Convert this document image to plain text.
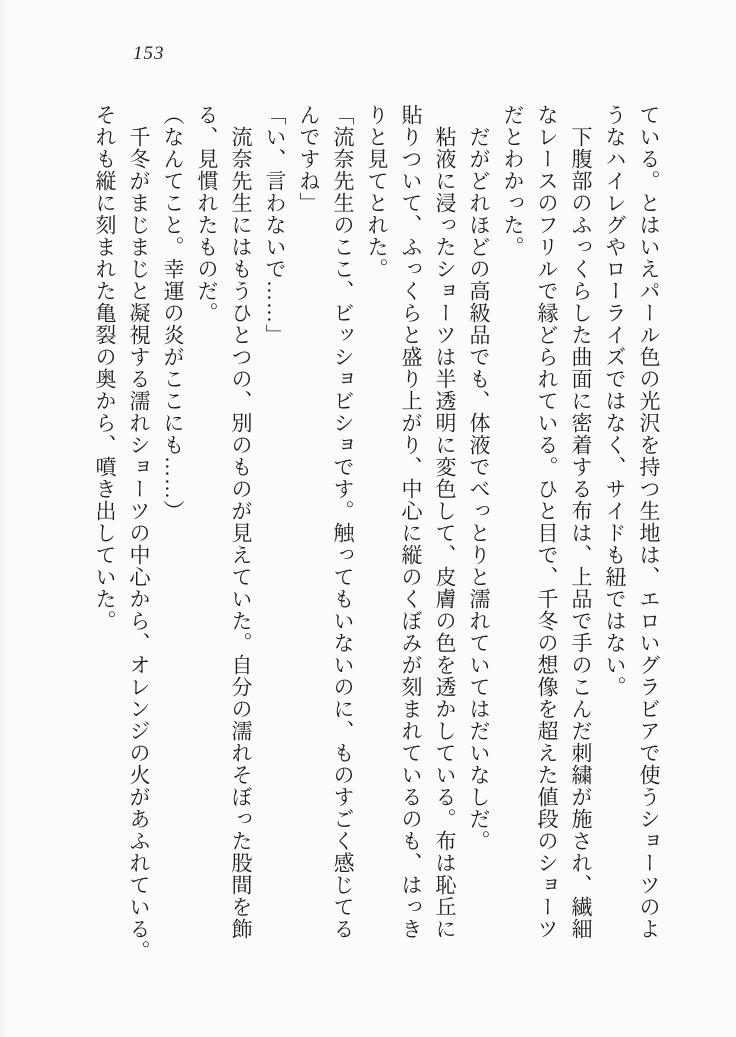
153

ている。とはいえパール色の光沢を持つ生地は、エロいグラビアで使うショーツのよ

うなハイレグやローライズではなく、サイドも紐ではない。

　下腹部のふっくらした曲面に密着する布は、上品で手のこんだ刺繍が施され、繊細

なレースのフリルで縁どられている。ひと目で、千冬の想像を超えた値段のショーツ

だとわかった。

　だがどれほどの高級品でも、体液でべっとりと濡れていてはだいなしだ。

　粘液に浸ったショーツは半透明に変色して、皮膚の色を透かしている。布は恥丘に

貼りついて、ふっくらと盛り上がり、中心に縦のくぼみが刻まれているのも、はっき

りと見てとれた。

「流奈先生のここ、ビッショビショです。触ってもいないのに、ものすごく感じてる

んですね」

「い、言わないで……」

　流奈先生にはもうひとつの、別のものが見えていた。自分の濡れそぼった股間を飾

る、見慣れたものだ。

（なんてこと。幸運の炎がここにも……）

　千冬がまじまじと凝視する濡れショーツの中心から、オレンジの火があふれている。

それも縦に刻まれた亀裂の奥から、噴き出していた。
